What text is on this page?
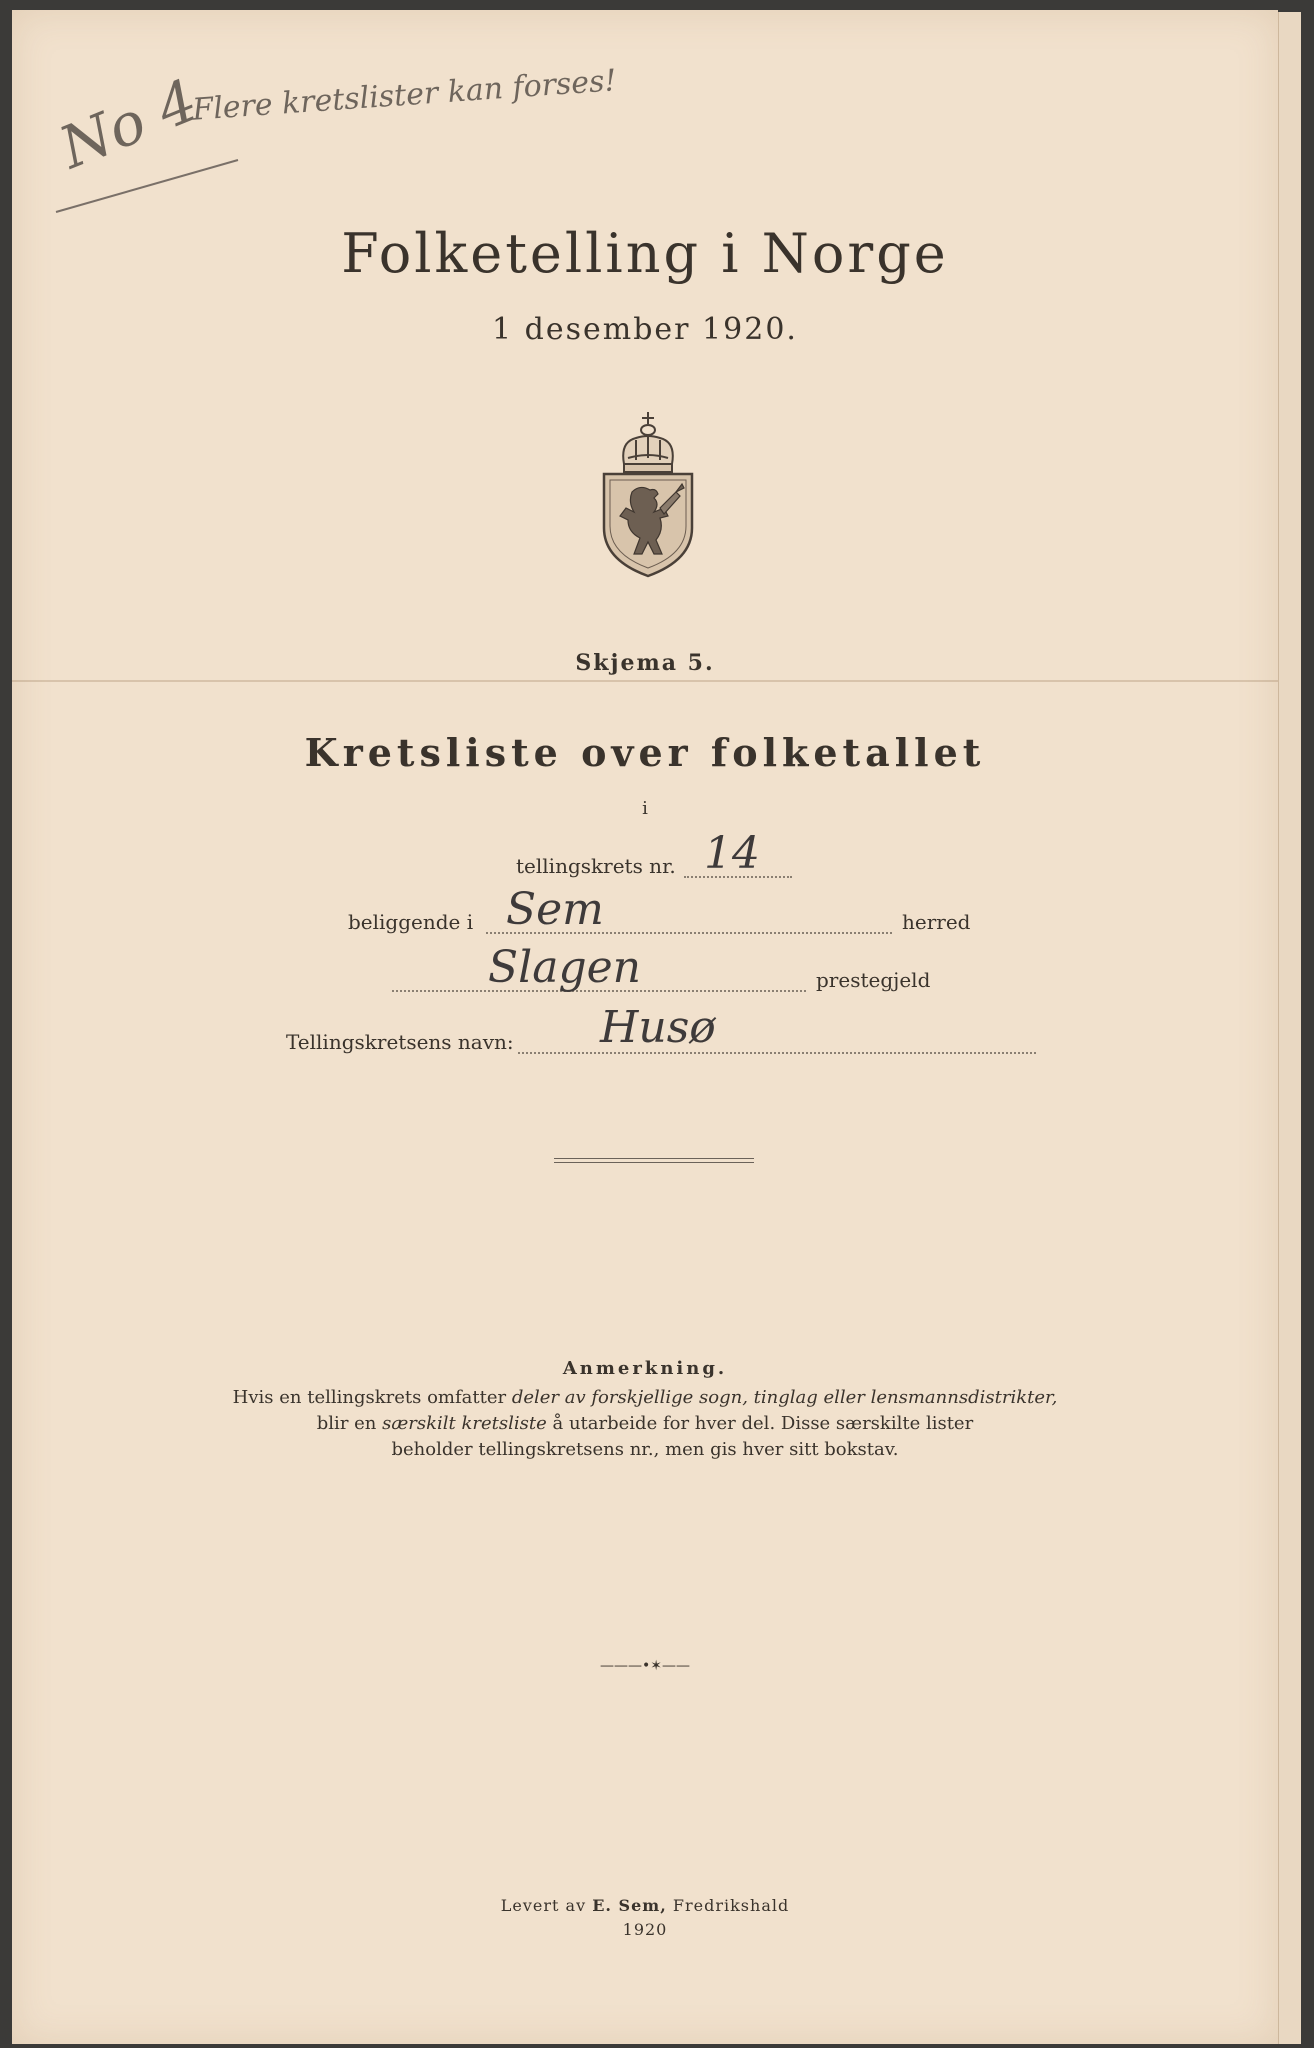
No 4
Flere kretslister kan forses!
Folketelling i Norge
1 desember 1920.
Skjema 5.
Kretsliste over folketallet
i
tellingskrets nr. 14
beliggende i Sem	herred
Slagen	prestegjeld
Tellingskretsens navn: Husø
Anmerkning.
Hvis en tellingskrets omfatter deler av forskjellige sogn, tinglag eller lensmannsdistrikter,
blir en særskilt kretsliste å utarbeide for hver del. Disse særskilte lister
beholder tellingskretsens nr., men gis hver sitt bokstav.
———•✶——
Levert av E. Sem, Fredrikshald
1920
